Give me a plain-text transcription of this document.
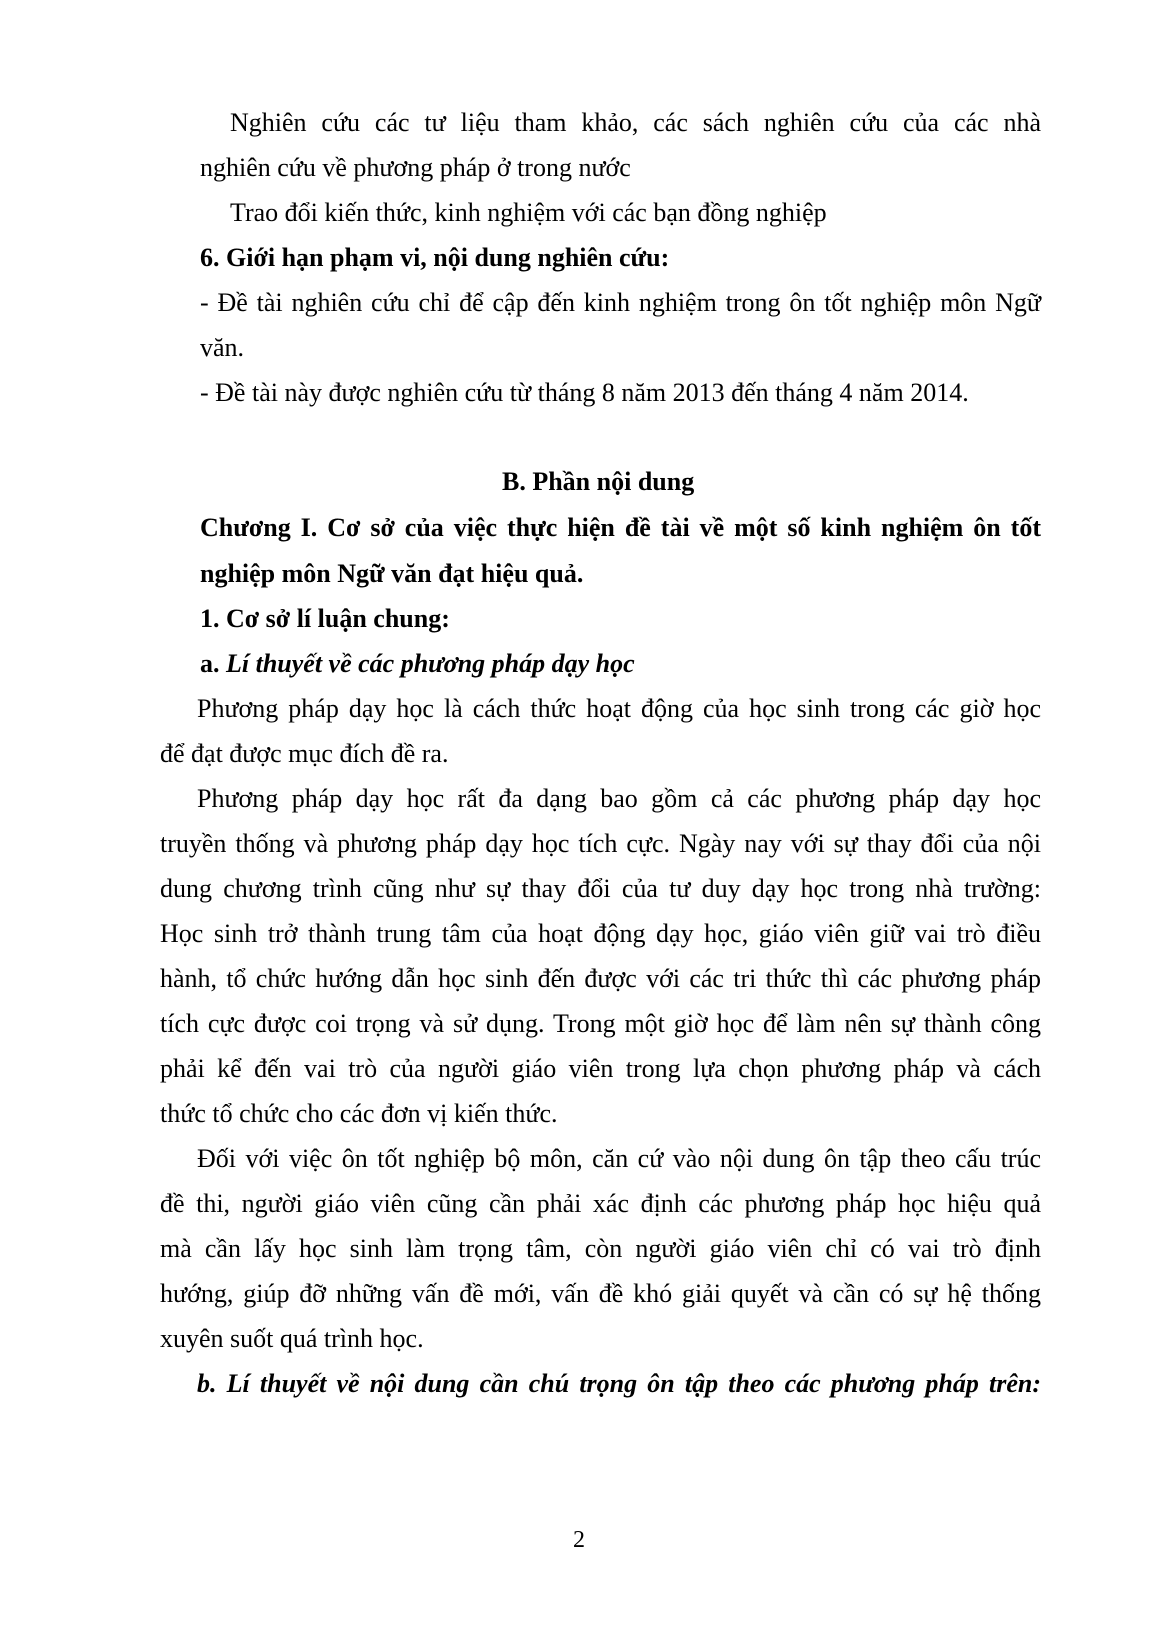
Nghiên cứu các tư liệu tham khảo, các sách nghiên cứu của các nhà

nghiên cứu về phương pháp ở trong nước

Trao đổi kiến thức, kinh nghiệm với các bạn đồng nghiệp

6. Giới hạn phạm vi, nội dung nghiên cứu:

- Đề tài nghiên cứu chỉ để cập đến kinh nghiệm trong ôn tốt nghiệp môn Ngữ

văn.

- Đề tài này được nghiên cứu từ tháng 8 năm 2013 đến tháng 4 năm 2014.

B. Phần nội dung

Chương I. Cơ sở của việc thực hiện đề tài về một số kinh nghiệm ôn tốt

nghiệp môn Ngữ văn đạt hiệu quả.

1. Cơ sở lí luận chung:

a. Lí thuyết về các phương pháp dạy học

Phương pháp dạy học là cách thức hoạt động của học sinh trong các giờ học

để đạt được mục đích đề ra.

Phương pháp dạy học rất đa dạng bao gồm cả các phương pháp dạy học

truyền thống và phương pháp dạy học tích cực. Ngày nay với sự thay đổi của nội

dung chương trình cũng như sự thay đổi của tư duy dạy học trong nhà trường:

Học sinh trở thành trung tâm của hoạt động dạy học, giáo viên giữ vai trò điều

hành, tổ chức hướng dẫn học sinh đến được với các tri thức thì các phương pháp

tích cực được coi trọng và sử dụng. Trong một giờ học để làm nên sự thành công

phải kể đến vai trò của người giáo viên trong lựa chọn phương pháp và cách

thức tổ chức cho các đơn vị kiến thức.

Đối với việc ôn tốt nghiệp bộ môn, căn cứ vào nội dung ôn tập theo cấu trúc

đề thi, người giáo viên cũng cần phải xác định các phương pháp học hiệu quả

mà cần lấy học sinh làm trọng tâm, còn người giáo viên chỉ có vai trò định

hướng, giúp đỡ những vấn đề mới, vấn đề khó giải quyết và cần có sự hệ thống

xuyên suốt quá trình học.

b. Lí thuyết về nội dung cần chú trọng ôn tập theo các phương pháp trên:

2
